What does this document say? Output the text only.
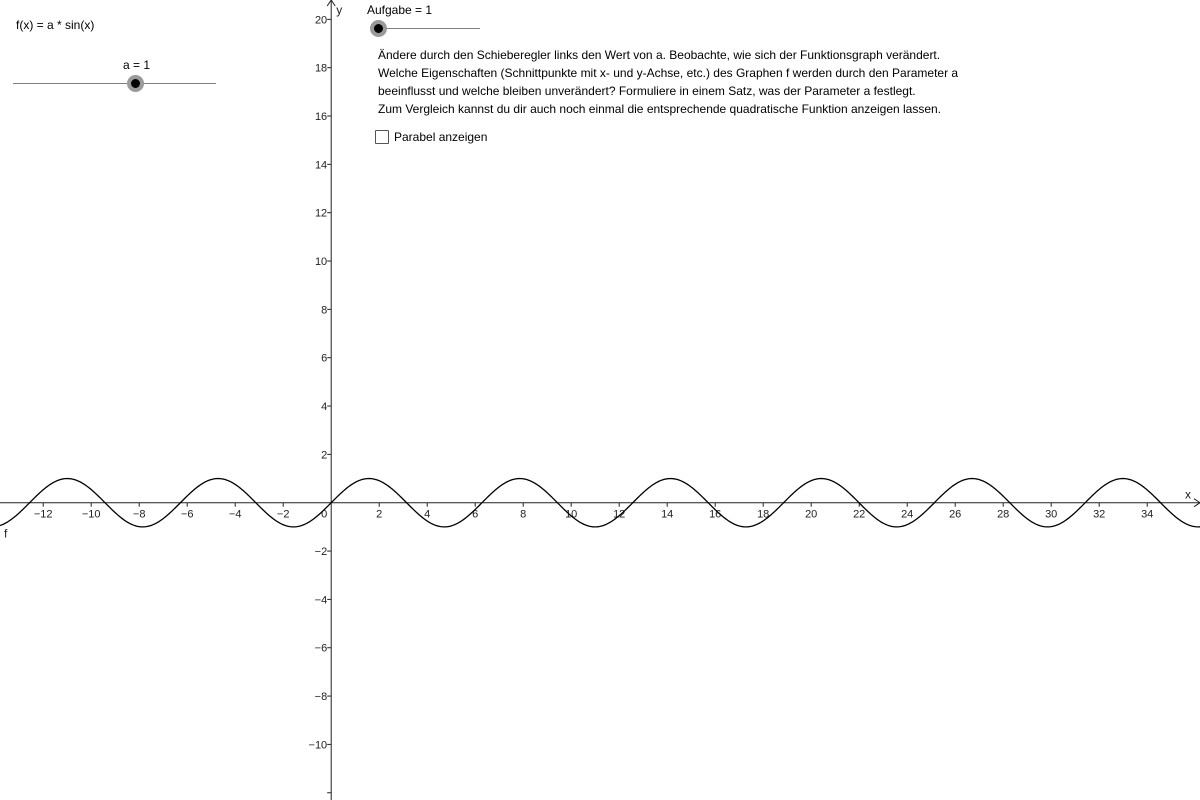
−12	−10	−8	−6	−4	−2	2	4	6	8	10	12	14	16	18	20	22	24	26	28	30	32	34
−10
−8
−6
−4
−2
2
4
6
8
10
12
14
16
18
20
0
x
y
f
f(x) = a * sin(x)
a = 1
Aufgabe = 1
Ändere durch den Schieberegler links den Wert von a. Beobachte, wie sich der Funktionsgraph verändert.
Welche Eigenschaften (Schnittpunkte mit x- und y-Achse, etc.) des Graphen f werden durch den Parameter a
beeinflusst und welche bleiben unverändert? Formuliere in einem Satz, was der Parameter a festlegt.
Zum Vergleich kannst du dir auch noch einmal die entsprechende quadratische Funktion anzeigen lassen.
Parabel anzeigen
